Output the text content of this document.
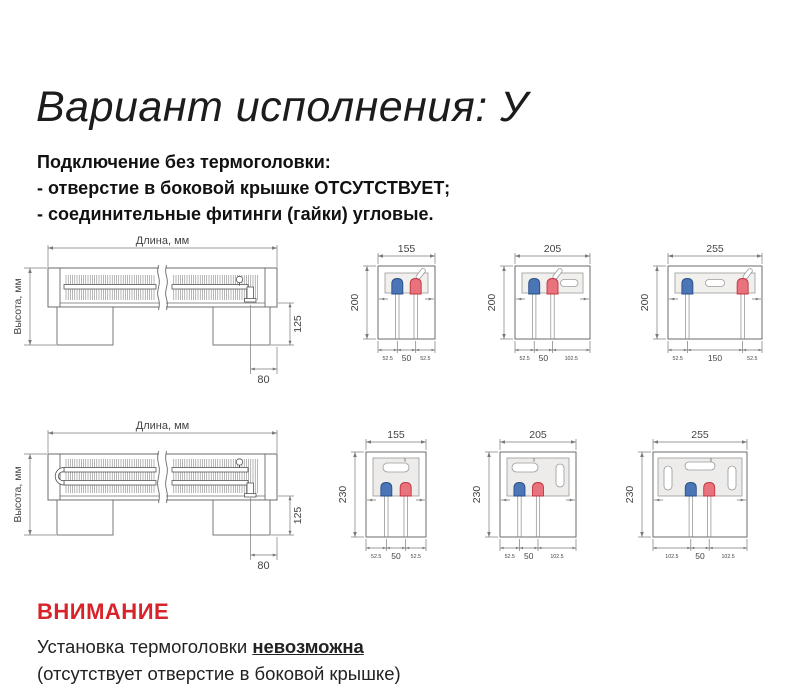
Вариант исполнения: У
Подключение без термоголовки:
- отверстие в боковой крышке ОТСУТСТВУЕТ;
- соединительные фитинги (гайки) угловые.
Длина, мм
Высота, мм	125
80
155
200
52.5 50 52.5
205
200
52.5 50	102.5
255
200
52.5	150	52.5
Длина, мм
Высота, мм	125
80
155
230
8
52.5 50 52.5
205
230
8
52.5 50	102.5
255
230
8
102.5 50	102.5
ВНИМАНИЕ
Установка термоголовки невозможна
(отсутствует отверстие в боковой крышке)
